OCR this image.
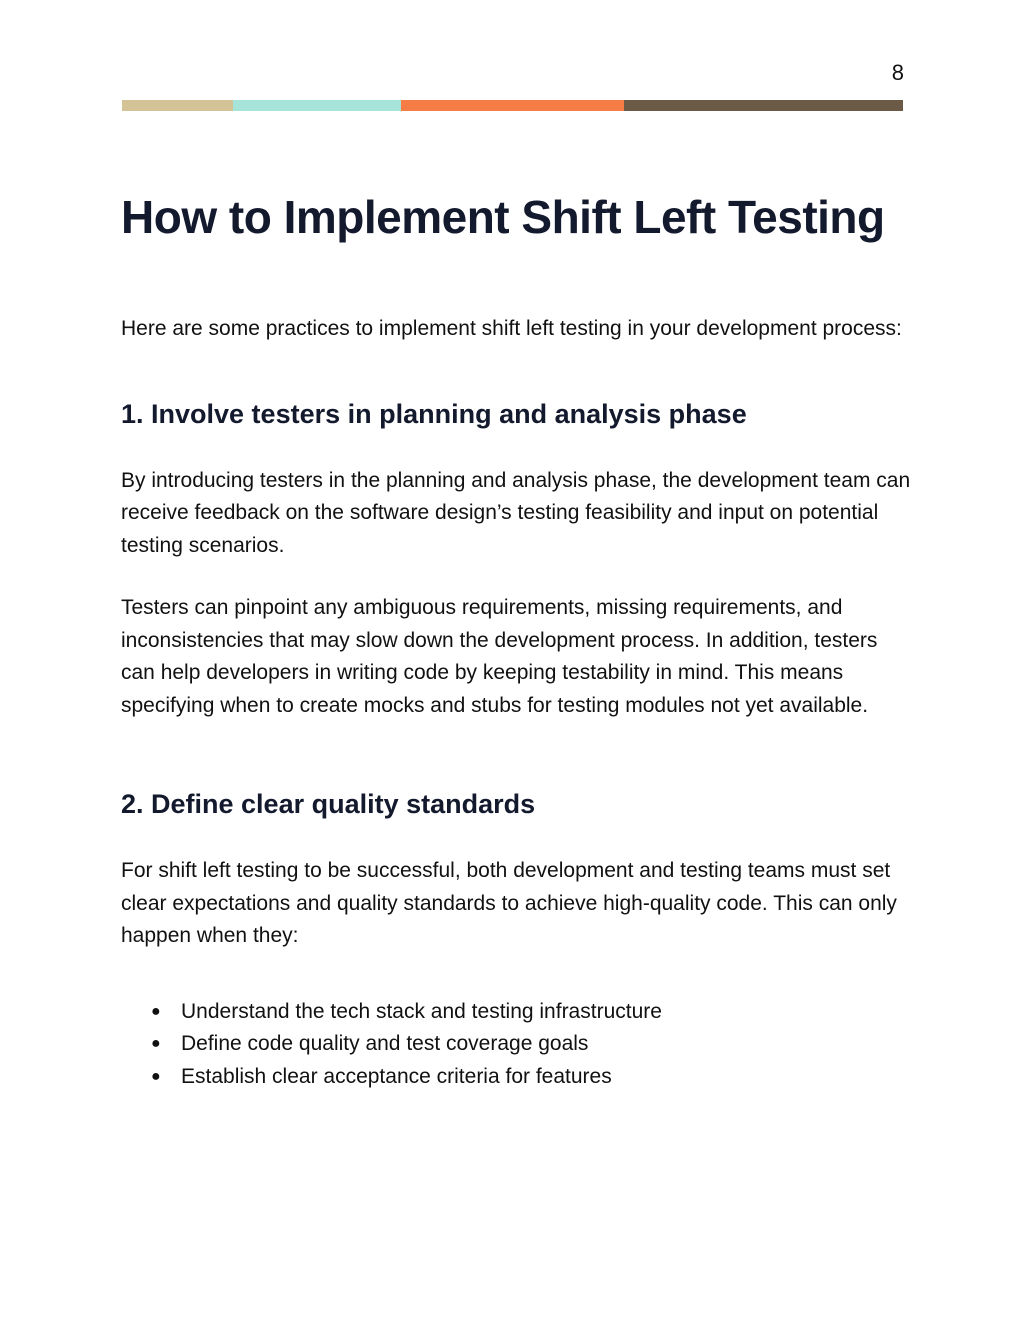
8
How to Implement Shift Left Testing

Here are some practices to implement shift left testing in your development process:

1. Involve testers in planning and analysis phase

By introducing testers in the planning and analysis phase, the development team can receive feedback on the software design’s testing feasibility and input on potential testing scenarios.

Testers can pinpoint any ambiguous requirements, missing requirements, and inconsistencies that may slow down the development process. In addition, testers can help developers in writing code by keeping testability in mind. This means specifying when to create mocks and stubs for testing modules not yet available.

2. Define clear quality standards

For shift left testing to be successful, both development and testing teams must set clear expectations and quality standards to achieve high-quality code. This can only happen when they:

● Understand the tech stack and testing infrastructure
● Define code quality and test coverage goals
● Establish clear acceptance criteria for features
